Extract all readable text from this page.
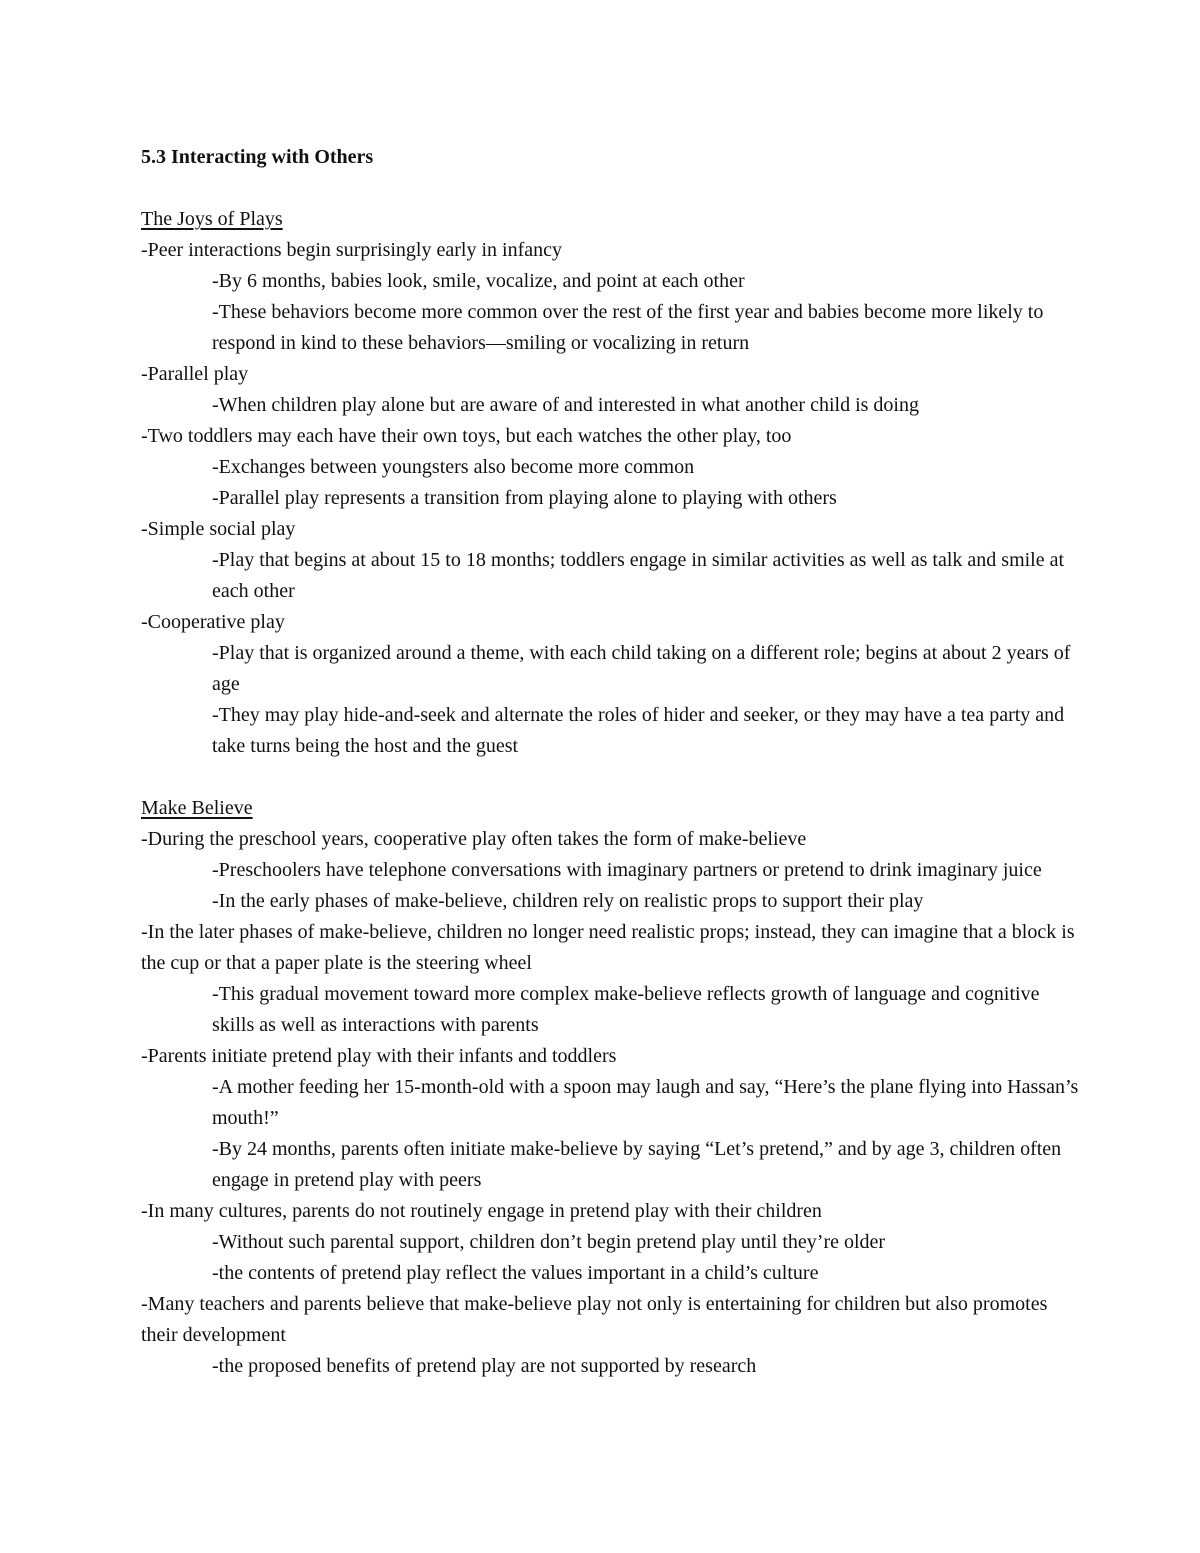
5.3 Interacting with Others
The Joys of Plays
-Peer interactions begin surprisingly early in infancy
-By 6 months, babies look, smile, vocalize, and point at each other
-These behaviors become more common over the rest of the first year and babies become more likely to respond in kind to these behaviors—smiling or vocalizing in return
-Parallel play
-When children play alone but are aware of and interested in what another child is doing
-Two toddlers may each have their own toys, but each watches the other play, too
-Exchanges between youngsters also become more common
-Parallel play represents a transition from playing alone to playing with others
-Simple social play
-Play that begins at about 15 to 18 months; toddlers engage in similar activities as well as talk and smile at each other
-Cooperative play
-Play that is organized around a theme, with each child taking on a different role; begins at about 2 years of age
-They may play hide-and-seek and alternate the roles of hider and seeker, or they may have a tea party and take turns being the host and the guest
Make Believe
-During the preschool years, cooperative play often takes the form of make-believe
-Preschoolers have telephone conversations with imaginary partners or pretend to drink imaginary juice
-In the early phases of make-believe, children rely on realistic props to support their play
-In the later phases of make-believe, children no longer need realistic props; instead, they can imagine that a block is the cup or that a paper plate is the steering wheel
-This gradual movement toward more complex make-believe reflects growth of language and cognitive skills as well as interactions with parents
-Parents initiate pretend play with their infants and toddlers
-A mother feeding her 15-month-old with a spoon may laugh and say, “Here’s the plane flying into Hassan’s mouth!”
-By 24 months, parents often initiate make-believe by saying “Let’s pretend,” and by age 3, children often engage in pretend play with peers
-In many cultures, parents do not routinely engage in pretend play with their children
-Without such parental support, children don’t begin pretend play until they’re older
-the contents of pretend play reflect the values important in a child’s culture
-Many teachers and parents believe that make-believe play not only is entertaining for children but also promotes their development
-the proposed benefits of pretend play are not supported by research
